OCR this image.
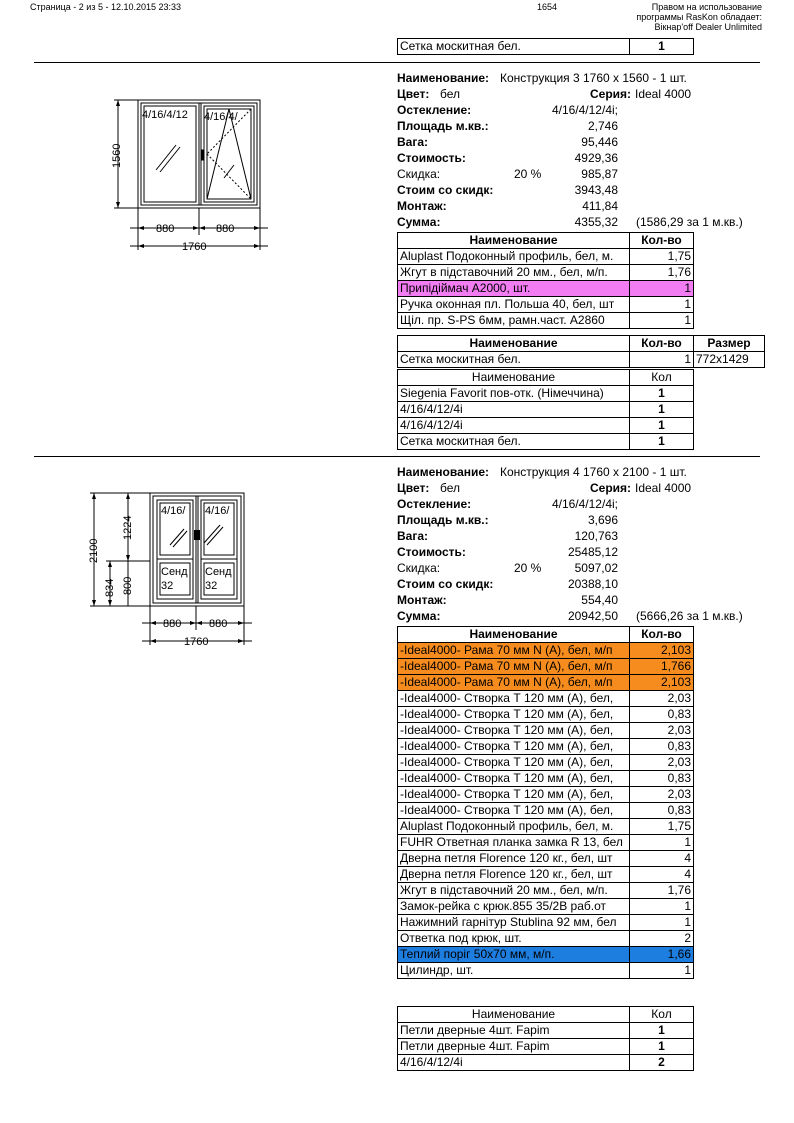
Страница - 2 из 5 - 12.10.2015 23:33	1654	Правом на использование
программы RasKon обладает:
Вікнар'off Dealer Unlimited
Сетка москитная бел.	1
4/16/4/12 4/16/4/
1560
880	880
1760
Наименование: Конструкция 3 1760 x 1560 - 1 шт.
Цвет: бел	Серия: Ideal 4000
Остекление:	4/16/4/12/4i;
Площадь м.кв.:	2,746
Вага:	95,446
Стоимость:	4929,36
Скидка:	20 %	985,87
Стоим со скидк:	3943,48
Монтаж:	411,84
Сумма:	4355,32 (1586,29 за 1 м.кв.)
Наименование	Кол-во
Aluplast Подоконный профиль, бел, м.	1,75
Жгут в підставочний 20 мм., бел, м/п.	1,76
Припідіймач А2000, шт.	1
Ручка оконная пл. Польша 40, бел, шт	1
Щіл. пр. S-PS 6мм, рамн.част. А2860	1
Наименование	Кол-во	Размер
Сетка москитная бел.	1	772x1429
Наименование	Кол
Siegenia Favorit пов-отк. (Німеччина)	1
4/16/4/12/4i	1
4/16/4/12/4i	1
Сетка москитная бел.	1
4/16/ 4/16/
Сенд Сенд
32	32
2100
1224
834 800
880	880
1760
Наименование: Конструкция 4 1760 x 2100 - 1 шт.
Цвет: бел	Серия: Ideal 4000
Остекление:	4/16/4/12/4i;
Площадь м.кв.:	3,696
Вага:	120,763
Стоимость:	25485,12
Скидка:	20 %	5097,02
Стоим со скидк:	20388,10
Монтаж:	554,40
Сумма:	20942,50 (5666,26 за 1 м.кв.)
Наименование	Кол-во
-Ideal4000- Рама 70 мм N (А), бел, м/п	2,103
-Ideal4000- Рама 70 мм N (А), бел, м/п	1,766
-Ideal4000- Рама 70 мм N (А), бел, м/п	2,103
-Ideal4000- Створка Т 120 мм (А), бел,	2,03
-Ideal4000- Створка Т 120 мм (А), бел,	0,83
-Ideal4000- Створка Т 120 мм (А), бел,	2,03
-Ideal4000- Створка Т 120 мм (А), бел,	0,83
-Ideal4000- Створка Т 120 мм (А), бел,	2,03
-Ideal4000- Створка Т 120 мм (А), бел,	0,83
-Ideal4000- Створка Т 120 мм (А), бел,	2,03
-Ideal4000- Створка Т 120 мм (А), бел,	0,83
Aluplast Подоконный профиль, бел, м.	1,75
FUHR Ответная планка замка R 13, бел	1
Дверна петля Florence 120 кг., бел, шт	4
Дверна петля Florence 120 кг., бел, шт	4
Жгут в підставочний 20 мм., бел, м/п.	1,76
Замок-рейка с крюк.855 35/2В раб.от	1
Нажимний гарнітур Stublina 92 мм, бел	1
Ответка под крюк, шт.	2
Теплий поріг 50х70 мм, м/п.	1,66
Цилиндр, шт.	1
Наименование	Кол
Петли дверные 4шт. Fapim	1
Петли дверные 4шт. Fapim	1
4/16/4/12/4i	2
